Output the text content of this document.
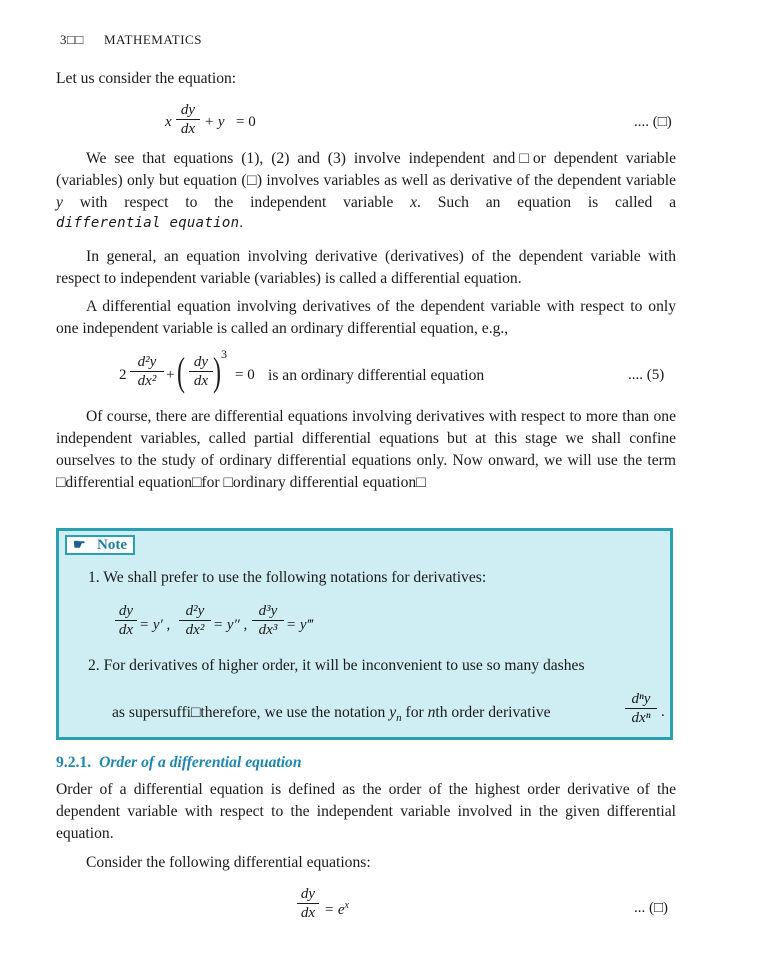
3□□ MATHEMATICS
Let us consider the equation:
x
dy
dx + y = 0	.... (□)
We see that equations (1), (2) and (3) involve independent and□or dependent variable (variables) only but equation (□) involves variables as well as derivative of the dependent variable y with respect to the independent variable x. Such an equation is called a
differential equation.
In general, an equation involving derivative (derivatives) of the dependent variable with respect to independent variable (variables) is called a differential equation.
A differential equation involving derivatives of the dependent variable with respect to only one independent variable is called an ordinary differential equation, e.g.,
2
d²y
dx² + ( dy
dx ) 3
= 0 is an ordinary differential equation	.... (5)
Of course, there are differential equations involving derivatives with respect to more than one independent variables, called partial differential equations but at this stage we shall confine ourselves to the study of ordinary differential equations only. Now onward, we will use the term □differential equation□for □ordinary differential equation□
☛ Note
1. We shall prefer to use the following notations for derivatives:
dy
dx = y′ ,
d²y
dx² = y″ ,
d³y
dx³ = y‴
2. For derivatives of higher order, it will be inconvenient to use so many dashes
as supersuffi□therefore, we use the notation $y_n$ for nth order derivative
dⁿy
dxⁿ .
9.2.1. Order of a differential equation
Order of a differential equation is defined as the order of the highest order derivative of the dependent variable with respect to the independent variable involved in the given differential equation.
Consider the following differential equations:
dy
dx = $e^x$	... (□)
